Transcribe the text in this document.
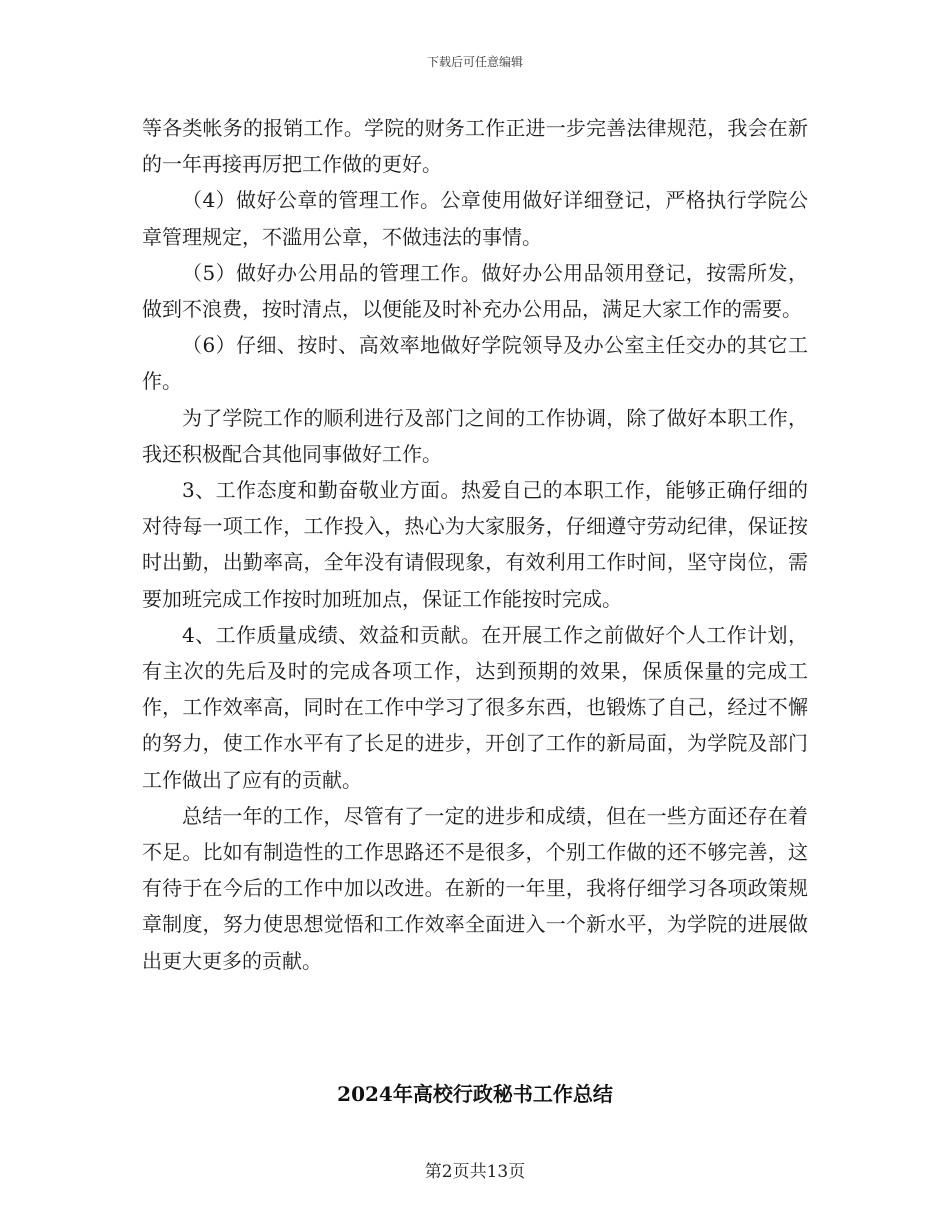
下载后可任意编辑

等各类帐务的报销工作。学院的财务工作正进一步完善法律规范，我会在新的一年再接再厉把工作做的更好。

（4）做好公章的管理工作。公章使用做好详细登记，严格执行学院公章管理规定，不滥用公章，不做违法的事情。

（5）做好办公用品的管理工作。做好办公用品领用登记，按需所发，做到不浪费，按时清点，以便能及时补充办公用品，满足大家工作的需要。

（6）仔细、按时、高效率地做好学院领导及办公室主任交办的其它工作。

为了学院工作的顺利进行及部门之间的工作协调，除了做好本职工作，我还积极配合其他同事做好工作。

3、工作态度和勤奋敬业方面。热爱自己的本职工作，能够正确仔细的对待每一项工作，工作投入，热心为大家服务，仔细遵守劳动纪律，保证按时出勤，出勤率高，全年没有请假现象，有效利用工作时间，坚守岗位，需要加班完成工作按时加班加点，保证工作能按时完成。

4、工作质量成绩、效益和贡献。在开展工作之前做好个人工作计划，有主次的先后及时的完成各项工作，达到预期的效果，保质保量的完成工作，工作效率高，同时在工作中学习了很多东西，也锻炼了自己，经过不懈的努力，使工作水平有了长足的进步，开创了工作的新局面，为学院及部门工作做出了应有的贡献。

总结一年的工作，尽管有了一定的进步和成绩，但在一些方面还存在着不足。比如有制造性的工作思路还不是很多，个别工作做的还不够完善，这有待于在今后的工作中加以改进。在新的一年里，我将仔细学习各项政策规章制度，努力使思想觉悟和工作效率全面进入一个新水平，为学院的进展做出更大更多的贡献。

2024年高校行政秘书工作总结
第2页共13页
